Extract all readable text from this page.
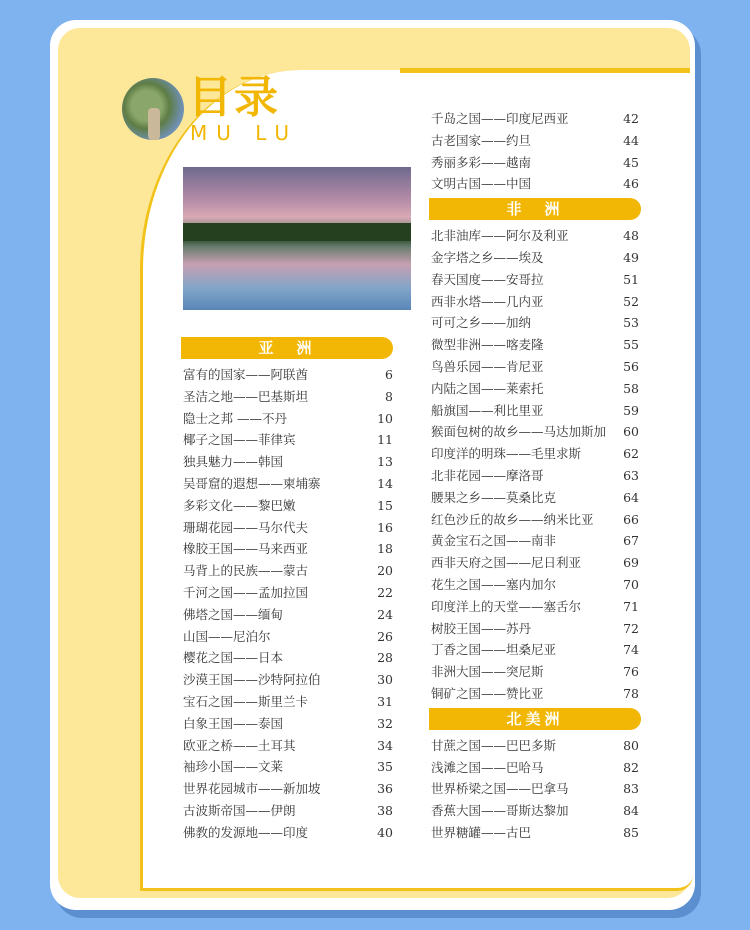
目录
MU LU
亚　洲
富有的国家——阿联酋	6
圣洁之地——巴基斯坦	8
隐士之邦 ——不丹	10
椰子之国——菲律宾	11
独具魅力——韩国	13
吴哥窟的遐想——柬埔寨	14
多彩文化——黎巴嫩	15
珊瑚花园——马尔代夫	16
橡胶王国——马来西亚	18
马背上的民族——蒙古	20
千河之国——孟加拉国	22
佛塔之国——缅甸	24
山国——尼泊尔	26
樱花之国——日本	28
沙漠王国——沙特阿拉伯	30
宝石之国——斯里兰卡	31
白象王国——泰国	32
欧亚之桥——土耳其	34
袖珍小国——文莱	35
世界花园城市——新加坡	36
古波斯帝国——伊朗	38
佛教的发源地——印度	40
千岛之国——印度尼西亚	42
古老国家——约旦	44
秀丽多彩——越南	45
文明古国——中国	46
非　洲
北非油库——阿尔及利亚	48
金字塔之乡——埃及	49
春天国度——安哥拉	51
西非水塔——几内亚	52
可可之乡——加纳	53
微型非洲——喀麦隆	55
鸟兽乐园——肯尼亚	56
内陆之国——莱索托	58
船旗国——利比里亚	59
猴面包树的故乡——马达加斯加 60
印度洋的明珠——毛里求斯	62
北非花园——摩洛哥	63
腰果之乡——莫桑比克	64
红色沙丘的故乡——纳米比亚 66
黄金宝石之国——南非	67
西非天府之国——尼日利亚	69
花生之国——塞内加尔	70
印度洋上的天堂——塞舌尔	71
树胶王国——苏丹	72
丁香之国——坦桑尼亚	74
非洲大国——突尼斯	76
铜矿之国——赞比亚	78
北美洲
甘蔗之国——巴巴多斯	80
浅滩之国——巴哈马	82
世界桥梁之国——巴拿马	83
香蕉大国——哥斯达黎加	84
世界糖罐——古巴	85
